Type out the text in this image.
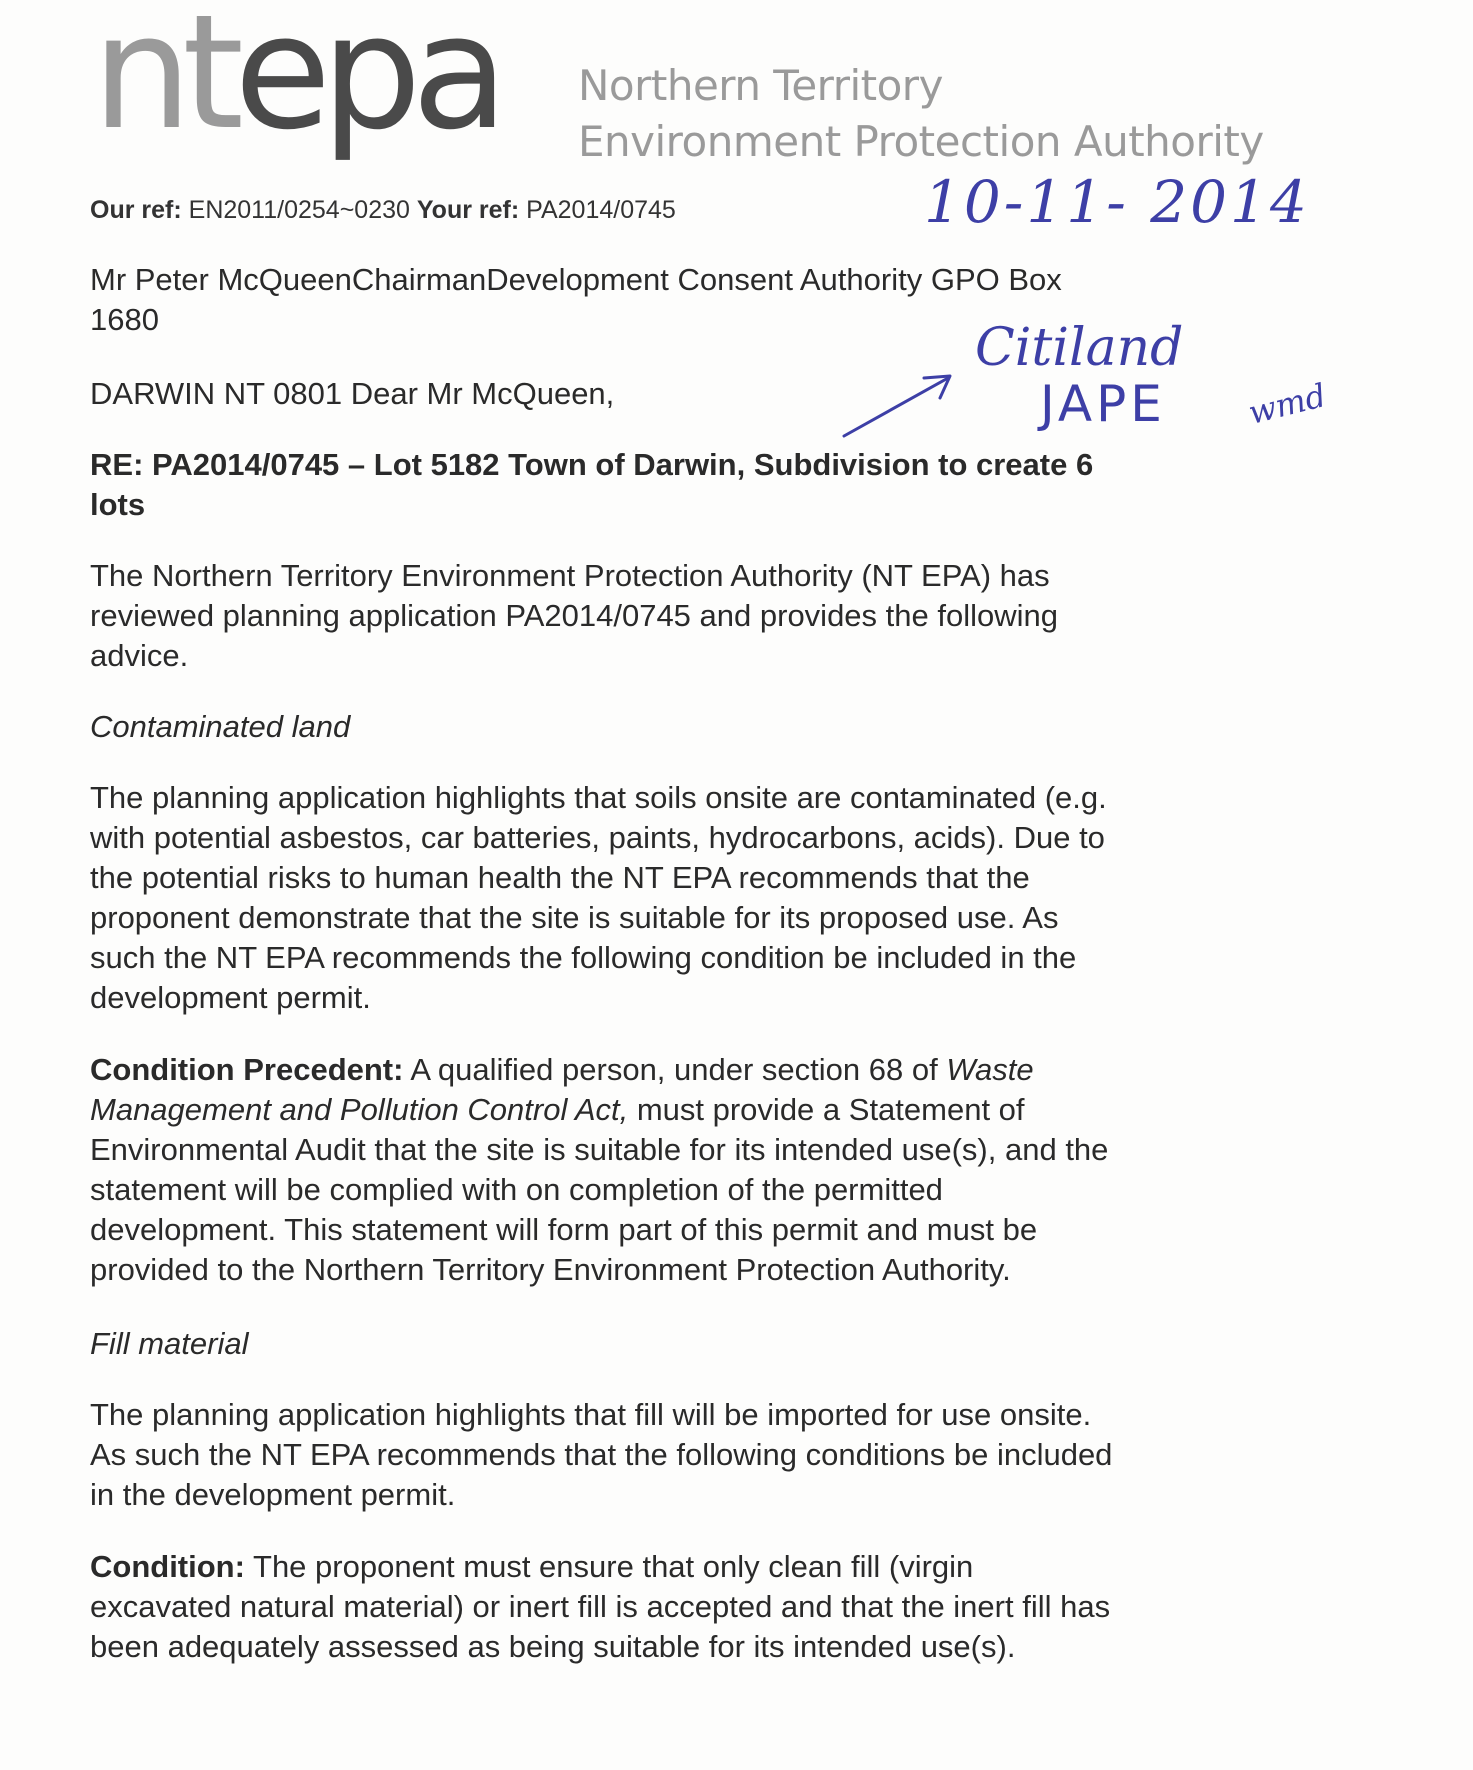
ntepa Northern Territory
Environment Protection Authority
10-11- 2014
Citiland
JAPE wmd
Our ref: EN2011/0254~0230 Your ref: PA2014/0745
Mr Peter McQueenChairmanDevelopment Consent Authority GPO Box
1680
DARWIN NT 0801 Dear Mr McQueen,
RE: PA2014/0745 – Lot 5182 Town of Darwin, Subdivision to create 6
lots
The Northern Territory Environment Protection Authority (NT EPA) has
reviewed planning application PA2014/0745 and provides the following
advice.
Contaminated land
The planning application highlights that soils onsite are contaminated (e.g.
with potential asbestos, car batteries, paints, hydrocarbons, acids). Due to
the potential risks to human health the NT EPA recommends that the
proponent demonstrate that the site is suitable for its proposed use. As
such the NT EPA recommends the following condition be included in the
development permit.
Condition Precedent: A qualified person, under section 68 of Waste
Management and Pollution Control Act, must provide a Statement of
Environmental Audit that the site is suitable for its intended use(s), and the
statement will be complied with on completion of the permitted
development. This statement will form part of this permit and must be
provided to the Northern Territory Environment Protection Authority.
Fill material
The planning application highlights that fill will be imported for use onsite.
As such the NT EPA recommends that the following conditions be included
in the development permit.
Condition: The proponent must ensure that only clean fill (virgin
excavated natural material) or inert fill is accepted and that the inert fill has
been adequately assessed as being suitable for its intended use(s).
